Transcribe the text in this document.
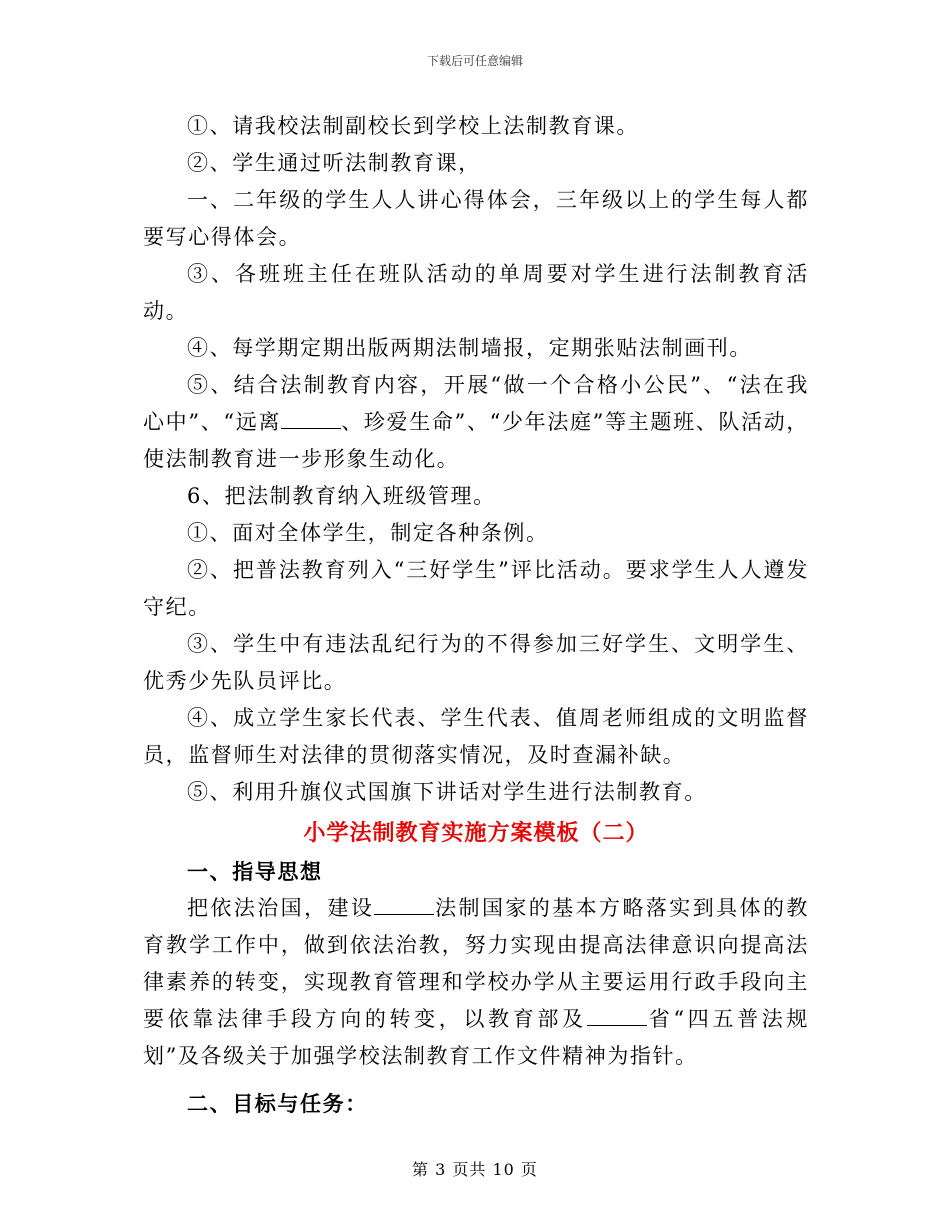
下载后可任意编辑

①、请我校法制副校长到学校上法制教育课。

②、学生通过听法制教育课，

一、二年级的学生人人讲心得体会，三年级以上的学生每人都要写心得体会。

③、各班班主任在班队活动的单周要对学生进行法制教育活动。

④、每学期定期出版两期法制墙报，定期张贴法制画刊。

⑤、结合法制教育内容，开展“做一个合格小公民”、“法在我心中”、“远离	、珍爱生命”、“少年法庭”等主题班、队活动，使法制教育进一步形象生动化。

6、把法制教育纳入班级管理。

①、面对全体学生，制定各种条例。

②、把普法教育列入“三好学生”评比活动。要求学生人人遵发守纪。

③、学生中有违法乱纪行为的不得参加三好学生、文明学生、优秀少先队员评比。

④、成立学生家长代表、学生代表、值周老师组成的文明监督员，监督师生对法律的贯彻落实情况，及时查漏补缺。

⑤、利用升旗仪式国旗下讲话对学生进行法制教育。

小学法制教育实施方案模板（二）

一、指导思想

把依法治国，建设	法制国家的基本方略落实到具体的教育教学工作中，做到依法治教，努力实现由提高法律意识向提高法律素养的转变，实现教育管理和学校办学从主要运用行政手段向主要依靠法律手段方向的转变，以教育部及	省“四五普法规划”及各级关于加强学校法制教育工作文件精神为指针。

二、目标与任务：

第 3 页共 10 页
